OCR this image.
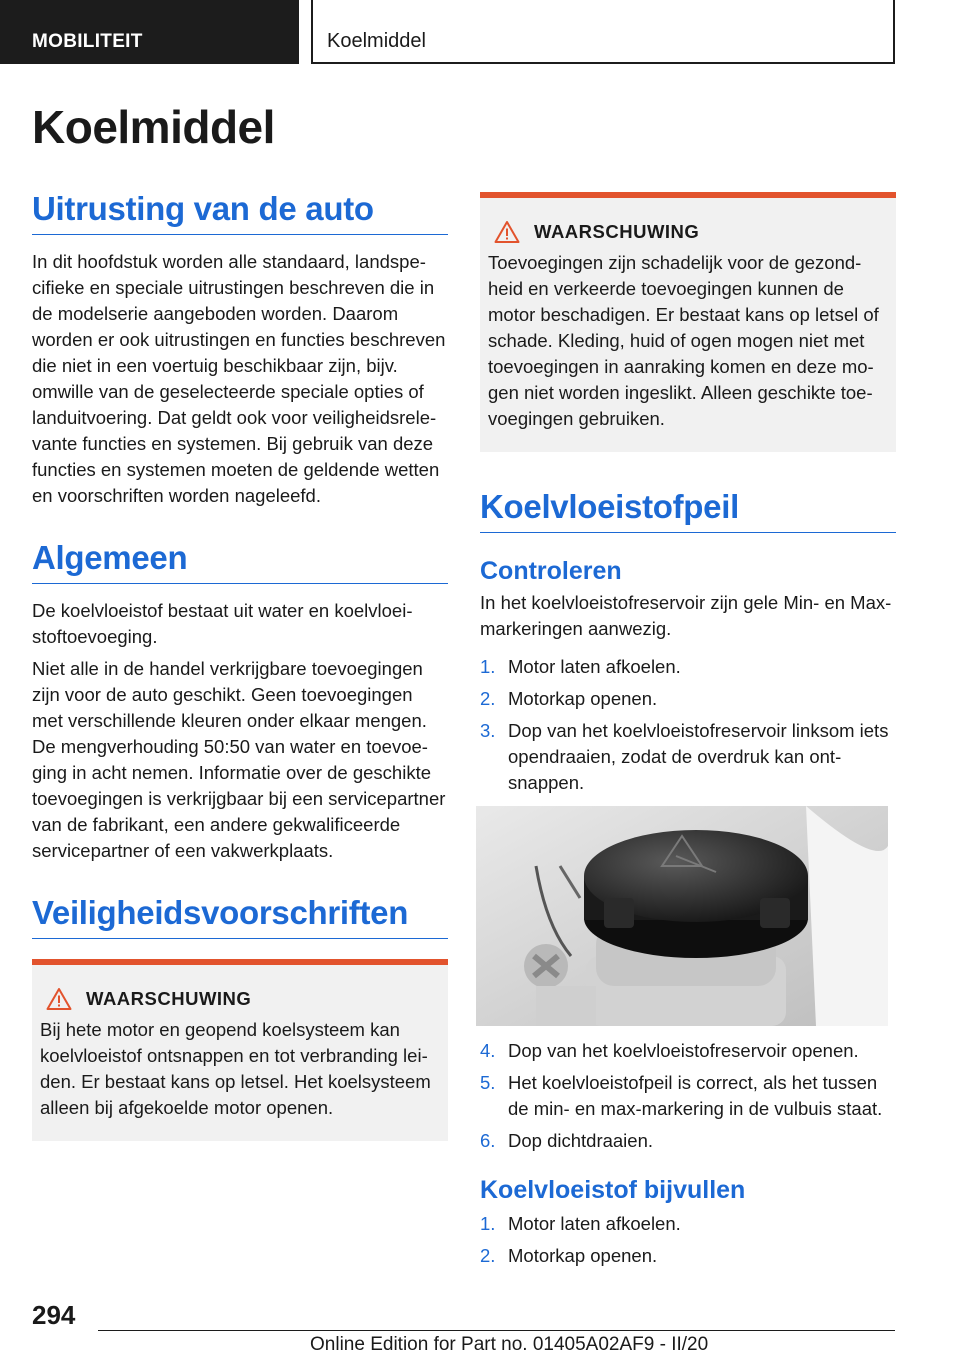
MOBILITEIT	Koelmiddel
Koelmiddel
Uitrusting van de auto

In dit hoofdstuk worden alle standaard, landspecifieke en speciale uitrustingen beschreven die in de modelserie aangeboden worden. Daarom worden er ook uitrustingen en functies beschreven die niet in een voertuig beschikbaar zijn, bijv. omwille van de geselecteerde speciale opties of landuitvoering. Dat geldt ook voor veiligheidsrelevante functies en systemen. Bij gebruik van deze functies en systemen moeten de geldende wetten en voorschriften worden nageleefd.

Algemeen

De koelvloeistof bestaat uit water en koelvloeistoftoevoeging.

Niet alle in de handel verkrijgbare toevoegingen zijn voor de auto geschikt. Geen toevoegingen met verschillende kleuren onder elkaar mengen. De mengverhouding 50:50 van water en toevoeging in acht nemen. Informatie over de geschikte toevoegingen is verkrijgbaar bij een servicepartner van de fabrikant, een andere gekwalificeerde servicepartner of een vakwerkplaats.

Veiligheidsvoorschriften
WAARSCHUWING

Bij hete motor en geopend koelsysteem kan koelvloeistof ontsnappen en tot verbranding leiden. Er bestaat kans op letsel. Het koelsysteem alleen bij afgekoelde motor openen.

WAARSCHUWING

Toevoegingen zijn schadelijk voor de gezondheid en verkeerde toevoegingen kunnen de motor beschadigen. Er bestaat kans op letsel of schade. Kleding, huid of ogen mogen niet met toevoegingen in aanraking komen en deze mogen niet worden ingeslikt. Alleen geschikte toevoegingen gebruiken.

Koelvloeistofpeil
Controleren

In het koelvloeistofreservoir zijn gele Min- en Max-markeringen aanwezig.

1. Motor laten afkoelen.
2. Motorkap openen.
3. Dop van het koelvloeistofreservoir linksom iets opendraaien, zodat de overdruk kan ontsnappen.
4. Dop van het koelvloeistofreservoir openen.
5. Het koelvloeistofpeil is correct, als het tussen de min- en max-markering in de vulbuis staat.
6. Dop dichtdraaien.
Koelvloeistof bijvullen
1. Motor laten afkoelen.
2. Motorkap openen.
294
Online Edition for Part no. 01405A02AF9 - II/20
